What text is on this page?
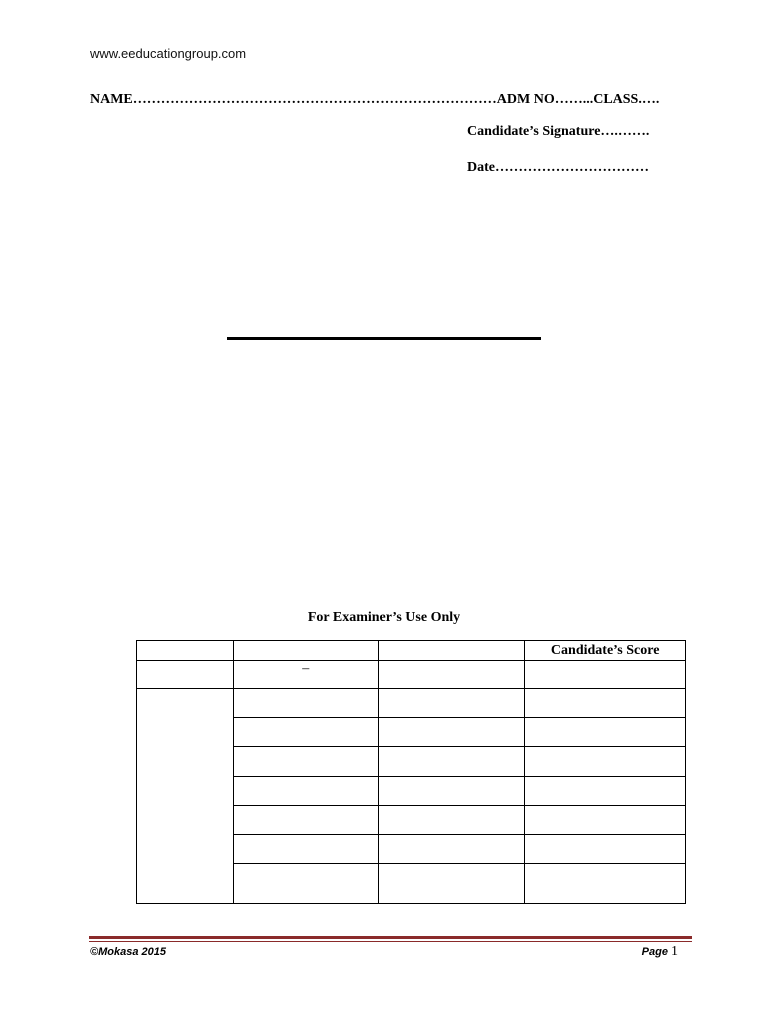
www.eeducationgroup.com
NAME……………………………………………………………………ADM NO……...CLASS.….
Candidate’s Signature….…….
Date……………………………
For Examiner’s Use Only
			Candidate’s Score
	–		

©Mokasa 2015	Page 1
